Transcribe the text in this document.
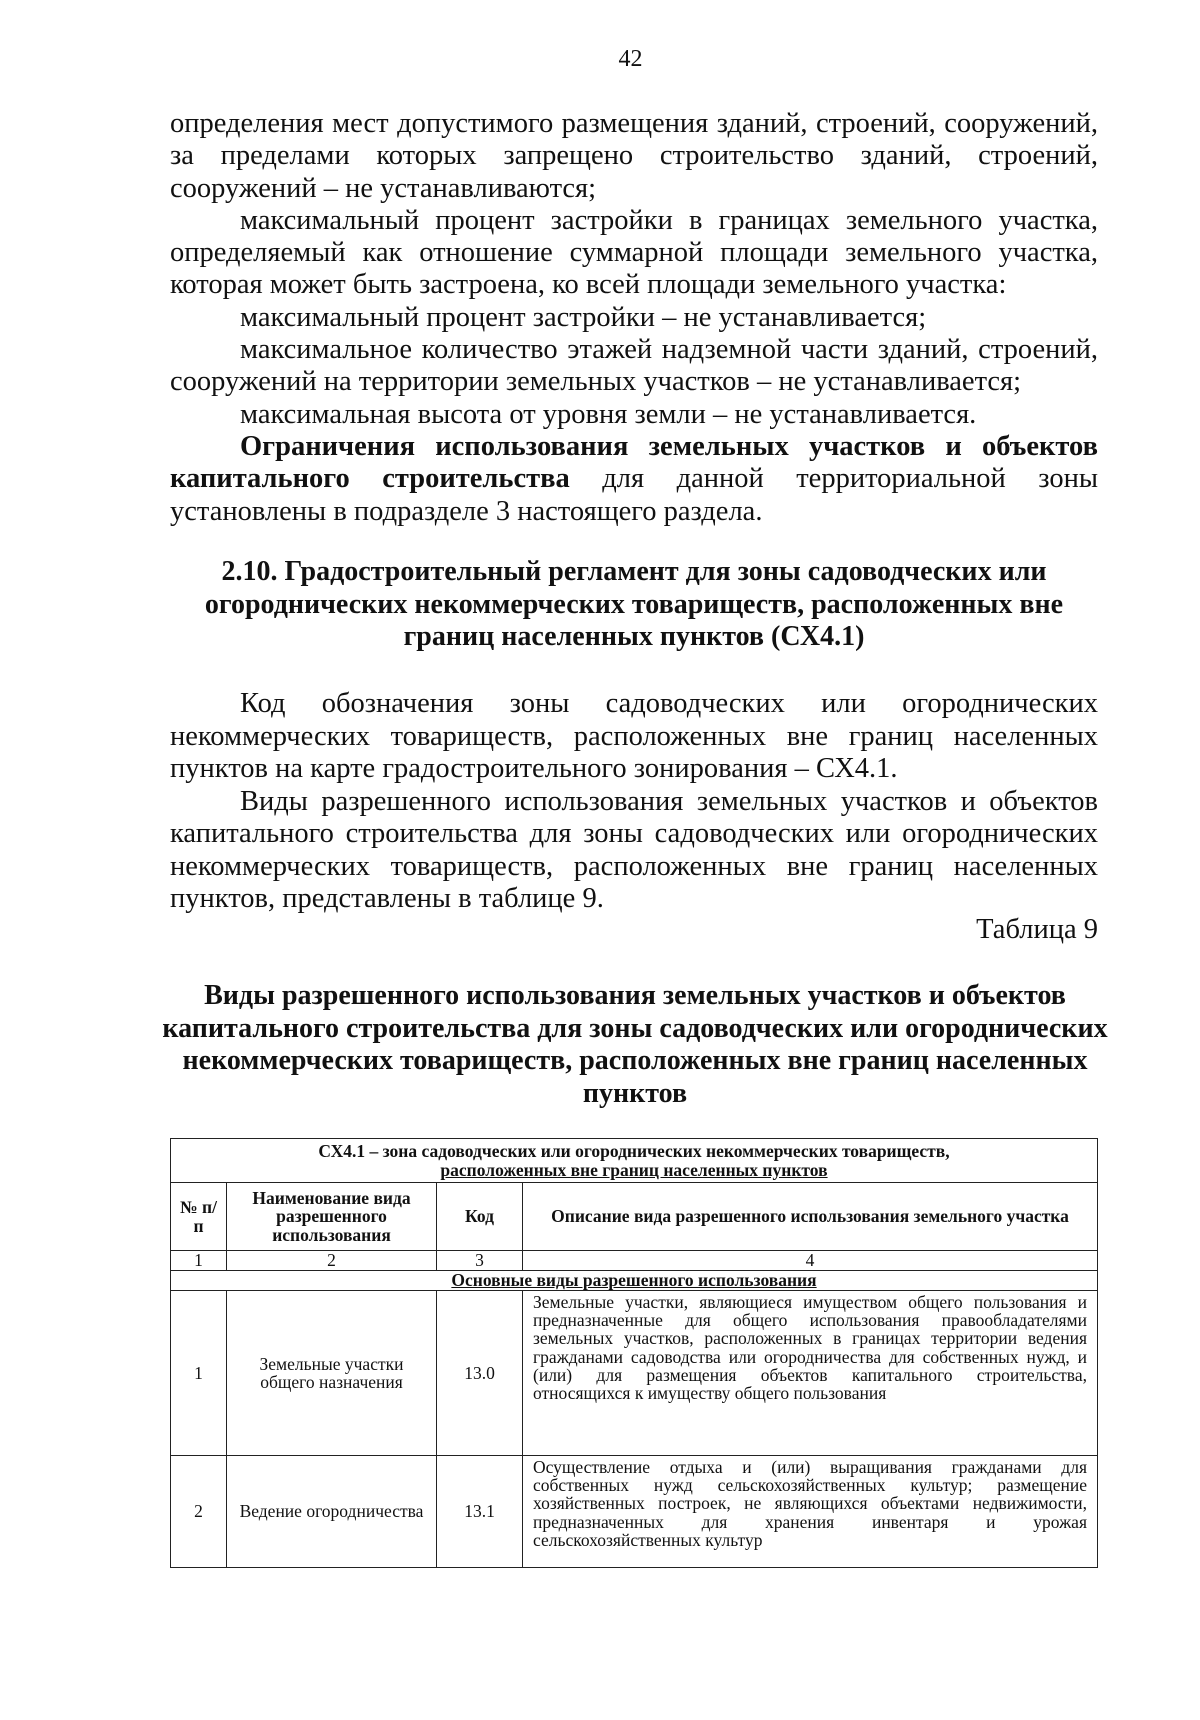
42

определения мест допустимого размещения зданий, строений, сооружений, за пределами которых запрещено строительство зданий, строений, сооружений – не устанавливаются;

максимальный процент застройки в границах земельного участка, определяемый как отношение суммарной площади земельного участка, которая может быть застроена, ко всей площади земельного участка:

максимальный процент застройки – не устанавливается;

максимальное количество этажей надземной части зданий, строений, сооружений на территории земельных участков – не устанавливается;

максимальная высота от уровня земли – не устанавливается.

Ограничения использования земельных участков и объектов капитального строительства для данной территориальной зоны установлены в подразделе 3 настоящего раздела.

2.10. Градостроительный регламент для зоны садоводческих или огороднических некоммерческих товариществ, расположенных вне границ населенных пунктов (СХ4.1)

Код обозначения зоны садоводческих или огороднических некоммерческих товариществ, расположенных вне границ населенных пунктов на карте градостроительного зонирования – СХ4.1.

Виды разрешенного использования земельных участков и объектов капитального строительства для зоны садоводческих или огороднических некоммерческих товариществ, расположенных вне границ населенных пунктов, представлены в таблице 9.

Таблица 9
Виды разрешенного использования земельных участков и объектов капитального строительства для зоны садоводческих или огороднических некоммерческих товариществ, расположенных вне границ населенных пунктов
СХ4.1 – зона садоводческих или огороднических некоммерческих товариществ,
расположенных вне границ населенных пунктов			
№ п/п	Наименование вида разрешенного использования	Код	Описание вида разрешенного использования земельного участка
1	2	3	4
Основные виды разрешенного использования			
1	Земельные участки общего назначения	13.0	Земельные участки, являющиеся имуществом общего пользования и предназначенные для общего использования правообладателями земельных участков, расположенных в границах территории ведения гражданами садоводства или огородничества для собственных нужд, и (или) для размещения объектов капитального строительства, относящихся к имуществу общего пользования
2	Ведение огородничества	13.1	Осуществление отдыха и (или) выращивания гражданами для собственных нужд сельскохозяйственных культур; размещение хозяйственных построек, не являющихся объектами недвижимости, предназначенных для хранения инвентаря и урожая сельскохозяйственных культур
